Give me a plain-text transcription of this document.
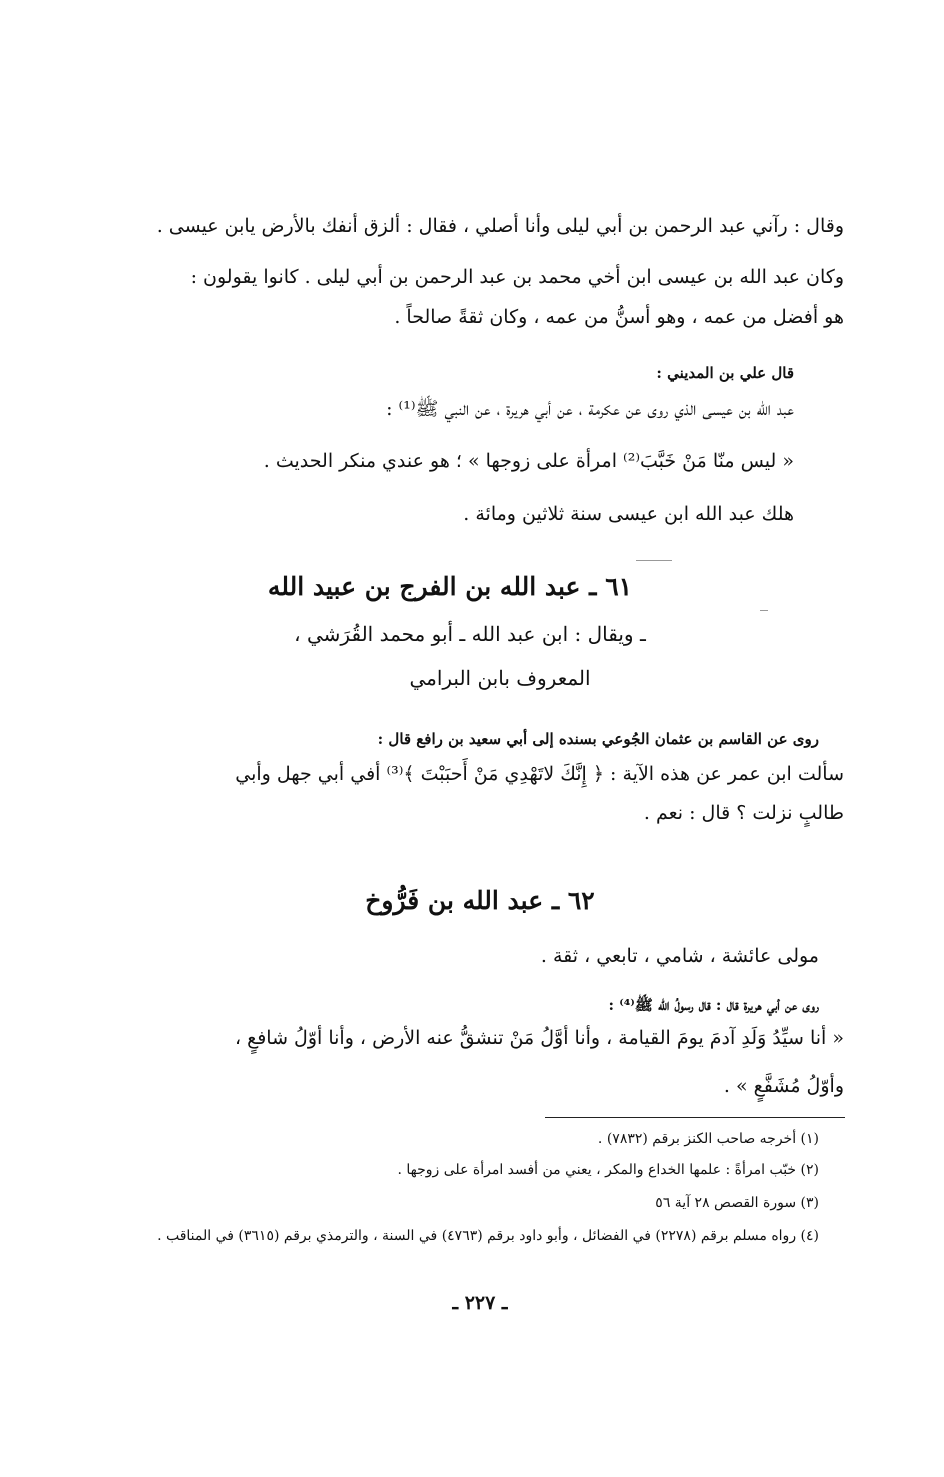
وقال : رآني عبد الرحمن بن أبي ليلى وأنا أصلي ، فقال : ألزق أنفك بالأرض يابن عيسى .
وكان عبد الله بن عيسى ابن أخي محمد بن عبد الرحمن بن أبي ليلى . كانوا يقولون :
هو أفضل من عمه ، وهو أسنُّ من عمه ، وكان ثقةً صالحاً .
قال علي بن المديني :
عبد الله بن عيسى الذي روى عن عكرمة ، عن أبي هريرة ، عن النبي ﷺ⁽¹⁾ :
« ليس منّا مَنْ خَبَّبَ⁽²⁾ امرأة على زوجها » ؛ هو عندي منكر الحديث .
هلك عبد الله ابن عيسى سنة ثلاثين ومائة .
٦١ ـ عبد الله بن الفرج بن عبيد الله
ـ ويقال : ابن عبد الله ـ أبو محمد القُرَشي ،
المعروف بابن البرامي
روى عن القاسم بن عثمان الجُوعي بسنده إلى أبي سعيد بن رافع قال :
سألت ابن عمر عن هذه الآية : ﴿ إِنَّكَ لاتَهْدِي مَنْ أَحبَبْتَ ﴾⁽³⁾ أفي أبي جهل وأبي
طالبٍ نزلت ؟ قال : نعم .
٦٢ ـ عبد الله بن فَرُّوخ
مولى عائشة ، شامي ، تابعي ، ثقة .
روى عن أبي هريرة قال : قال رسولُ الله ﷺ⁽⁴⁾ :
« أنا سيِّدُ وَلَدِ آدمَ يومَ القيامة ، وأنا أوَّلُ مَنْ تنشقُّ عنه الأرض ، وأنا أوّلُ شافعٍ ،
وأوّلُ مُشَفَّعٍ » .
(١) أخرجه صاحب الكنز برقم (٧٨٣٢) .
(٢) خبّب امرأةً : علمها الخداع والمكر ، يعني من أفسد امرأة على زوجها .
(٣) سورة القصص ٢٨ آية ٥٦
(٤) رواه مسلم برقم (٢٢٧٨) في الفضائل ، وأبو داود برقم (٤٧٦٣) في السنة ، والترمذي برقم (٣٦١٥) في المناقب .
ـ ٢٢٧ ـ
